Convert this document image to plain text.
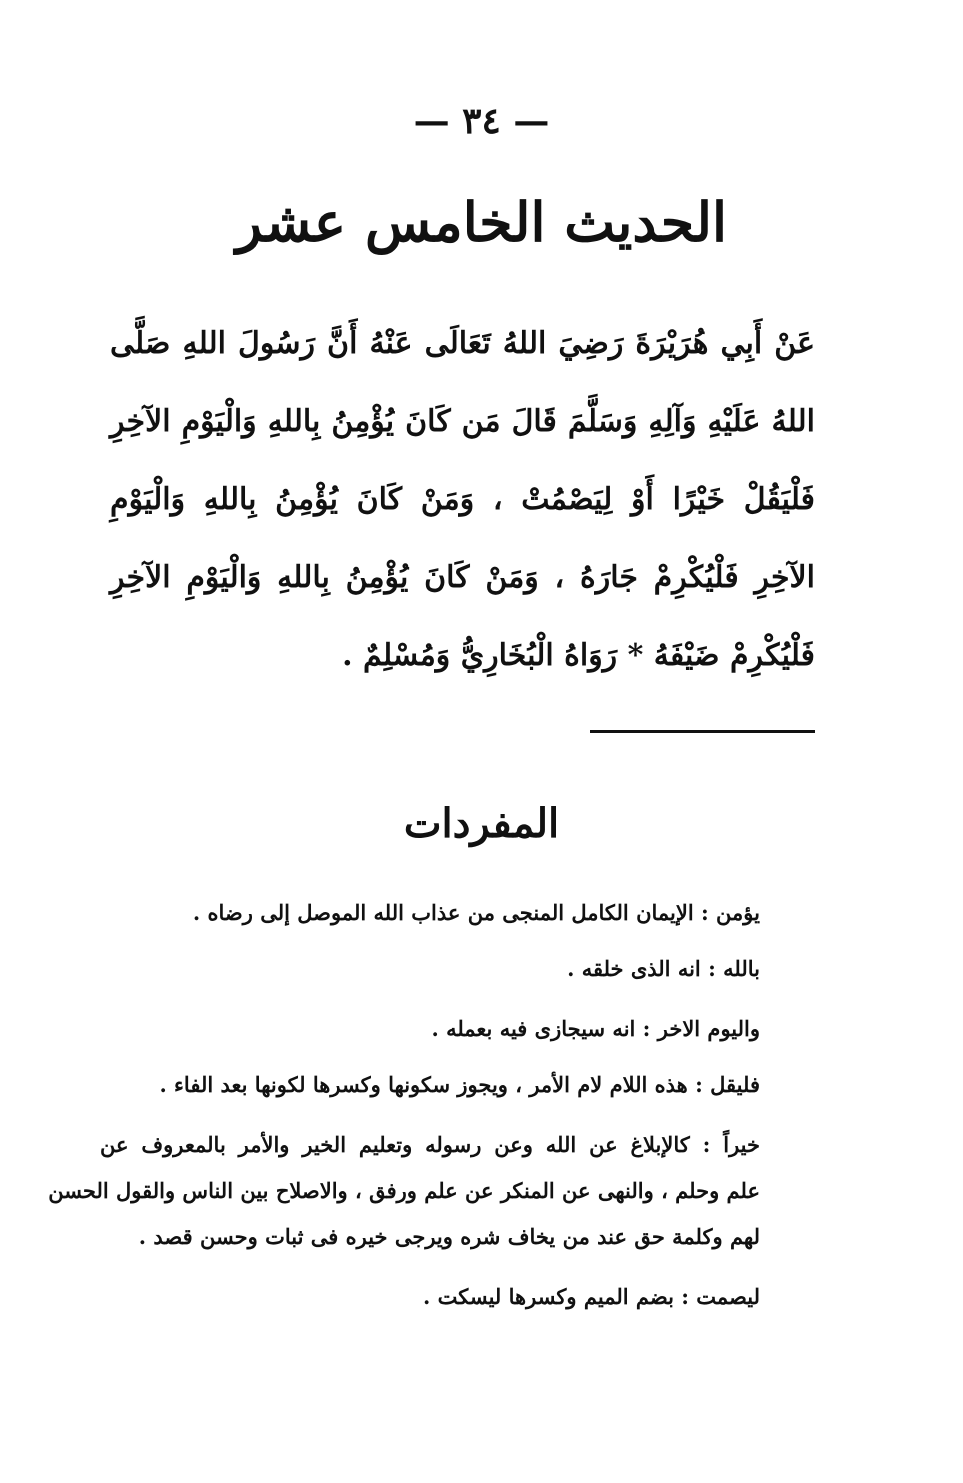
— ٣٤ —
الحديث الخامس عشر
عَنْ أَبِي هُرَيْرَةَ رَضِيَ اللهُ تَعَالَى عَنْهُ أَنَّ رَسُولَ اللهِ صَلَّى
اللهُ عَلَيْهِ وَآلِهِ وَسَلَّمَ قَالَ مَن كَانَ يُؤْمِنُ بِاللهِ وَالْيَوْمِ الآخِرِ
فَلْيَقُلْ خَيْرًا أَوْ لِيَصْمُتْ ، وَمَنْ كَانَ يُؤْمِنُ بِاللهِ وَالْيَوْمِ
الآخِرِ فَلْيُكْرِمْ جَارَهُ ، وَمَنْ كَانَ يُؤْمِنُ بِاللهِ وَالْيَوْمِ الآخِرِ
فَلْيُكْرِمْ ضَيْفَهُ * رَوَاهُ الْبُخَارِيُّ وَمُسْلِمٌ .
المفردات
يؤمن : الإيمان الكامل المنجى من عذاب الله الموصل إلى رضاه .
بالله : انه الذى خلقه .
واليوم الاخر : انه سيجازى فيه بعمله .
فليقل : هذه اللام لام الأمر ، ويجوز سكونها وكسرها لكونها بعد الفاء .
خيراً : كالإبلاغ عن الله وعن رسوله وتعليم الخير والأمر بالمعروف عن
علم وحلم ، والنهى عن المنكر عن علم ورفق ، والاصلاح بين الناس والقول الحسن
لهم وكلمة حق عند من يخاف شره ويرجى خيره فى ثبات وحسن قصد .
ليصمت : بضم الميم وكسرها ليسكت .
